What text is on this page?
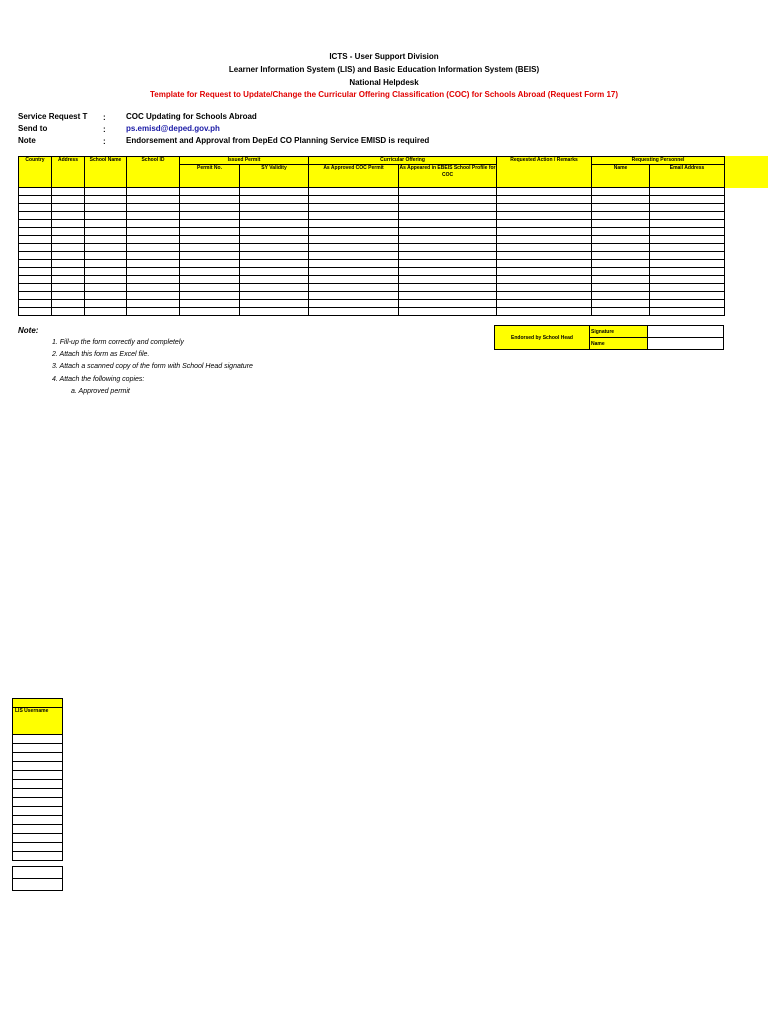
ICTS - User Support Division
Learner Information System (LIS) and Basic Education Information System (BEIS)
National Helpdesk
Template for Request to Update/Change the Curricular Offering Classification (COC) for Schools Abroad (Request Form 17)
Service Request T :	COC Updating for Schools Abroad
Send to	:	ps.emisd@deped.gov.ph
Note	:	Endorsement and Approval from DepEd CO Planning Service EMISD is required
Country	Address	School Name	School ID	Issued Permit		Curricular Offering		Requested Action / Remarks	Requesting Personnel	
				Permit No.	SY Validity	As Approved COC Permit	As Appeared in EBEIS School Profile for COC		Name	Email Address

Note:
1. Fill-up the form correctly and completely
2. Attach this form as Excel file.
3. Attach a scanned copy of the form with School Head signature
4. Attach the following copies:
a. Approved permit
Endorsed by School Head	Signature	
	Name	

LIS Username
